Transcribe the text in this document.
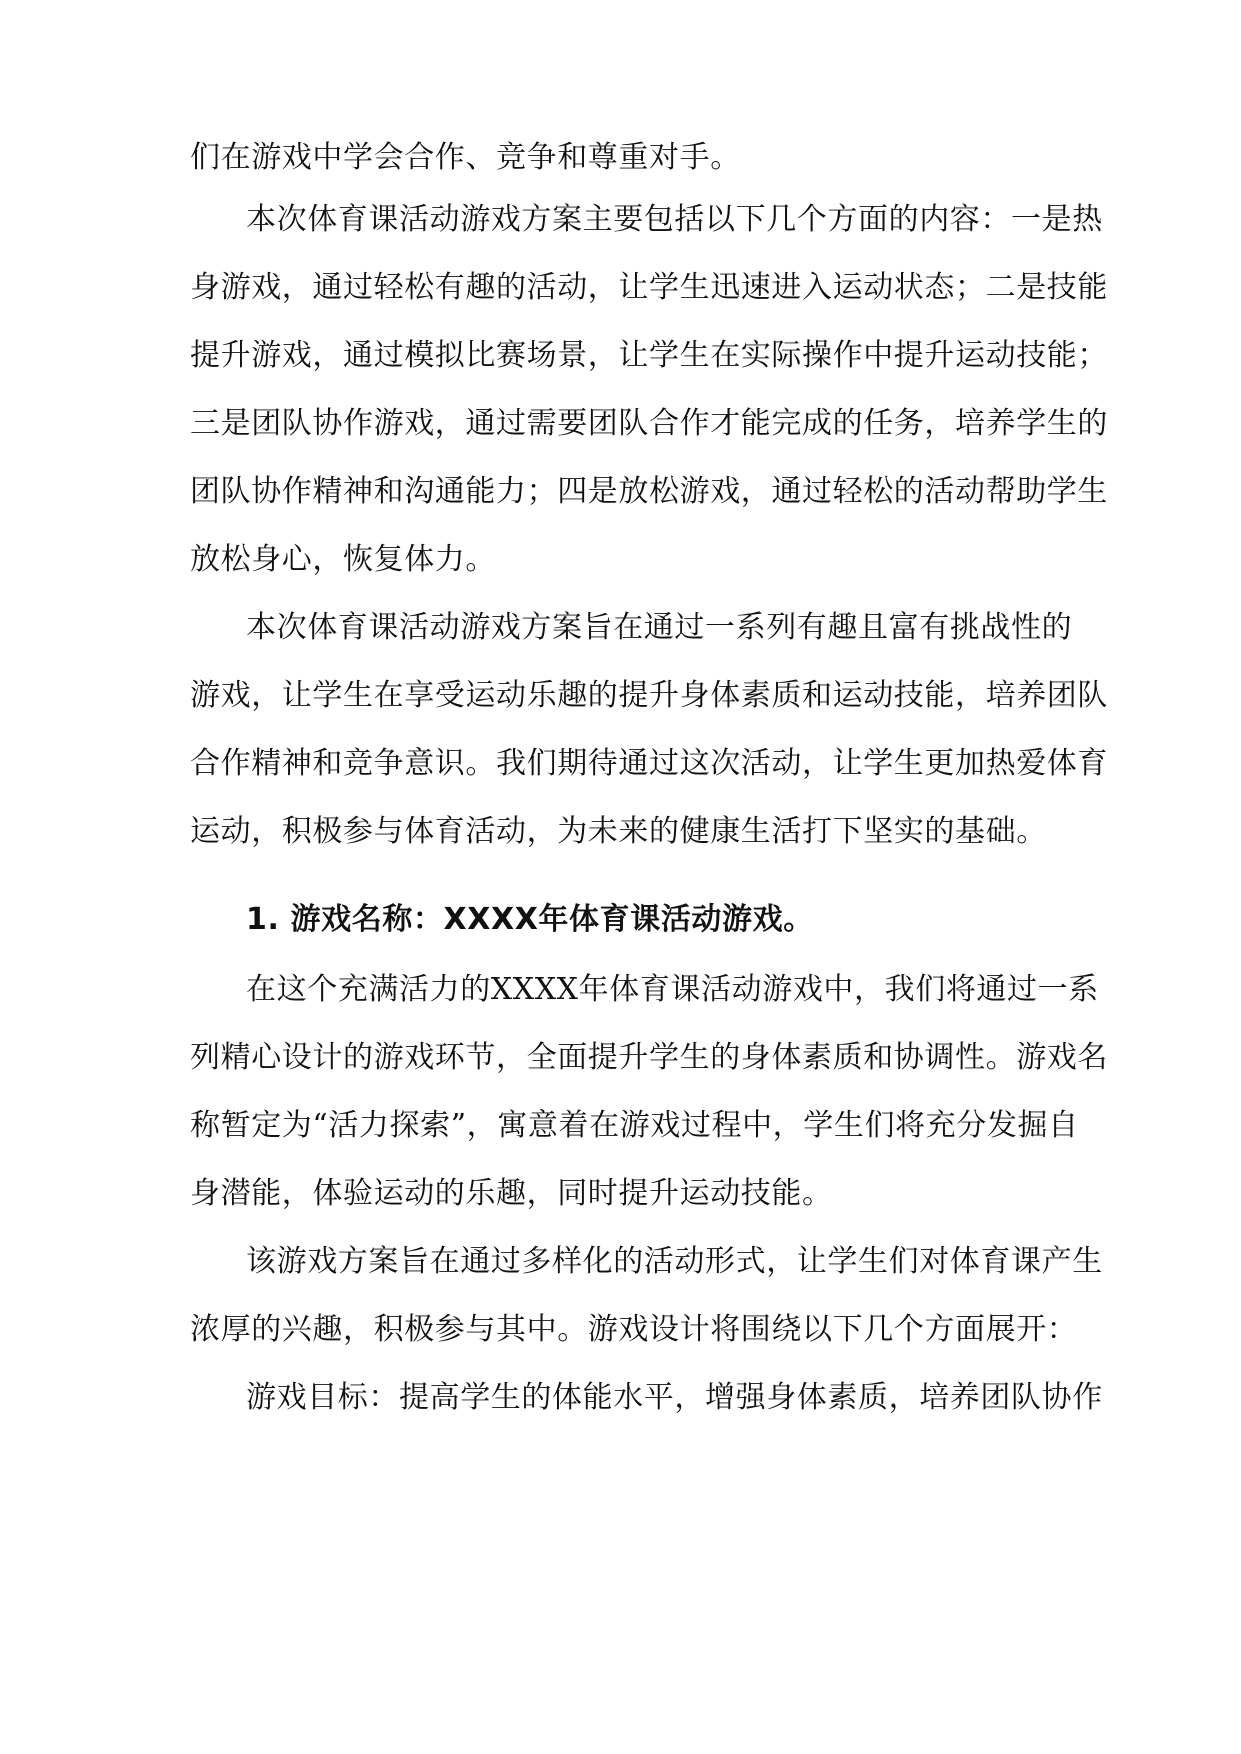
们在游戏中学会合作、竞争和尊重对手。
本次体育课活动游戏方案主要包括以下几个方面的内容：一是热
身游戏，通过轻松有趣的活动，让学生迅速进入运动状态；二是技能
提升游戏，通过模拟比赛场景，让学生在实际操作中提升运动技能；
三是团队协作游戏，通过需要团队合作才能完成的任务，培养学生的
团队协作精神和沟通能力；四是放松游戏，通过轻松的活动帮助学生
放松身心，恢复体力。
本次体育课活动游戏方案旨在通过一系列有趣且富有挑战性的
游戏，让学生在享受运动乐趣的提升身体素质和运动技能，培养团队
合作精神和竞争意识。我们期待通过这次活动，让学生更加热爱体育
运动，积极参与体育活动，为未来的健康生活打下坚实的基础。
1. 游戏名称：XXXX年体育课活动游戏。
在这个充满活力的XXXX年体育课活动游戏中，我们将通过一系
列精心设计的游戏环节，全面提升学生的身体素质和协调性。游戏名
称暂定为“活力探索”，寓意着在游戏过程中，学生们将充分发掘自
身潜能，体验运动的乐趣，同时提升运动技能。
该游戏方案旨在通过多样化的活动形式，让学生们对体育课产生
浓厚的兴趣，积极参与其中。游戏设计将围绕以下几个方面展开：
游戏目标：提高学生的体能水平，增强身体素质，培养团队协作
